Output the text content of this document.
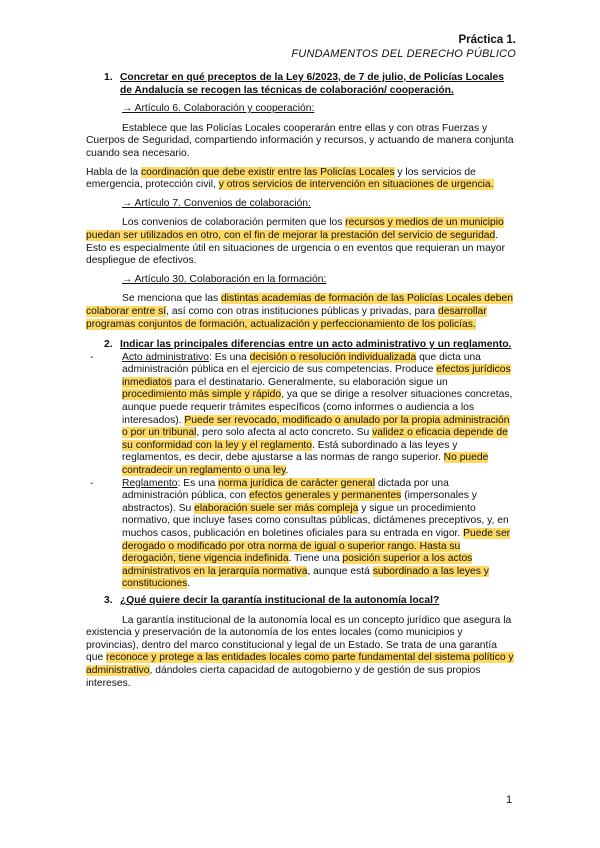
Práctica 1.
FUNDAMENTOS DEL DERECHO PÚBLICO
1. Concretar en qué preceptos de la Ley 6/2023, de 7 de julio, de Policías Locales de Andalucía se recogen las técnicas de colaboración/ cooperación.

→ Artículo 6. Colaboración y cooperación:

Establece que las Policías Locales cooperarán entre ellas y con otras Fuerzas y Cuerpos de Seguridad, compartiendo información y recursos, y actuando de manera conjunta cuando sea necesario.

Habla de la coordinación que debe existir entre las Policías Locales y los servicios de emergencia, protección civil, y otros servicios de intervención en situaciones de urgencia.

→ Artículo 7. Convenios de colaboración:

Los convenios de colaboración permiten que los recursos y medios de un municipio puedan ser utilizados en otro, con el fin de mejorar la prestación del servicio de seguridad. Esto es especialmente útil en situaciones de urgencia o en eventos que requieran un mayor despliegue de efectivos.

→ Artículo 30. Colaboración en la formación:

Se menciona que las distintas academias de formación de las Policías Locales deben colaborar entre sí, así como con otras instituciones públicas y privadas, para desarrollar programas conjuntos de formación, actualización y perfeccionamiento de los policías.

2. Indicar las principales diferencias entre un acto administrativo y un reglamento.
-	Acto administrativo: Es una decisión o resolución individualizada que dicta una administración pública en el ejercicio de sus competencias. Produce efectos jurídicos inmediatos para el destinatario. Generalmente, su elaboración sigue un procedimiento más simple y rápido, ya que se dirige a resolver situaciones concretas, aunque puede requerir trámites específicos (como informes o audiencia a los interesados). Puede ser revocado, modificado o anulado por la propia administración o por un tribunal, pero solo afecta al acto concreto. Su validez o eficacia depende de su conformidad con la ley y el reglamento. Está subordinado a las leyes y reglamentos, es decir, debe ajustarse a las normas de rango superior. No puede contradecir un reglamento o una ley.
-	Reglamento: Es una norma jurídica de carácter general dictada por una administración pública, con efectos generales y permanentes (impersonales y abstractos). Su elaboración suele ser más compleja y sigue un procedimiento normativo, que incluye fases como consultas públicas, dictámenes preceptivos, y, en muchos casos, publicación en boletines oficiales para su entrada en vigor. Puede ser derogado o modificado por otra norma de igual o superior rango. Hasta su derogación, tiene vigencia indefinida. Tiene una posición superior a los actos administrativos en la jerarquía normativa, aunque está subordinado a las leyes y constituciones.
3. ¿Qué quiere decir la garantía institucional de la autonomía local?

La garantía institucional de la autonomía local es un concepto jurídico que asegura la existencia y preservación de la autonomía de los entes locales (como municipios y provincias), dentro del marco constitucional y legal de un Estado. Se trata de una garantía que reconoce y protege a las entidades locales como parte fundamental del sistema político y administrativo, dándoles cierta capacidad de autogobierno y de gestión de sus propios intereses.

1
